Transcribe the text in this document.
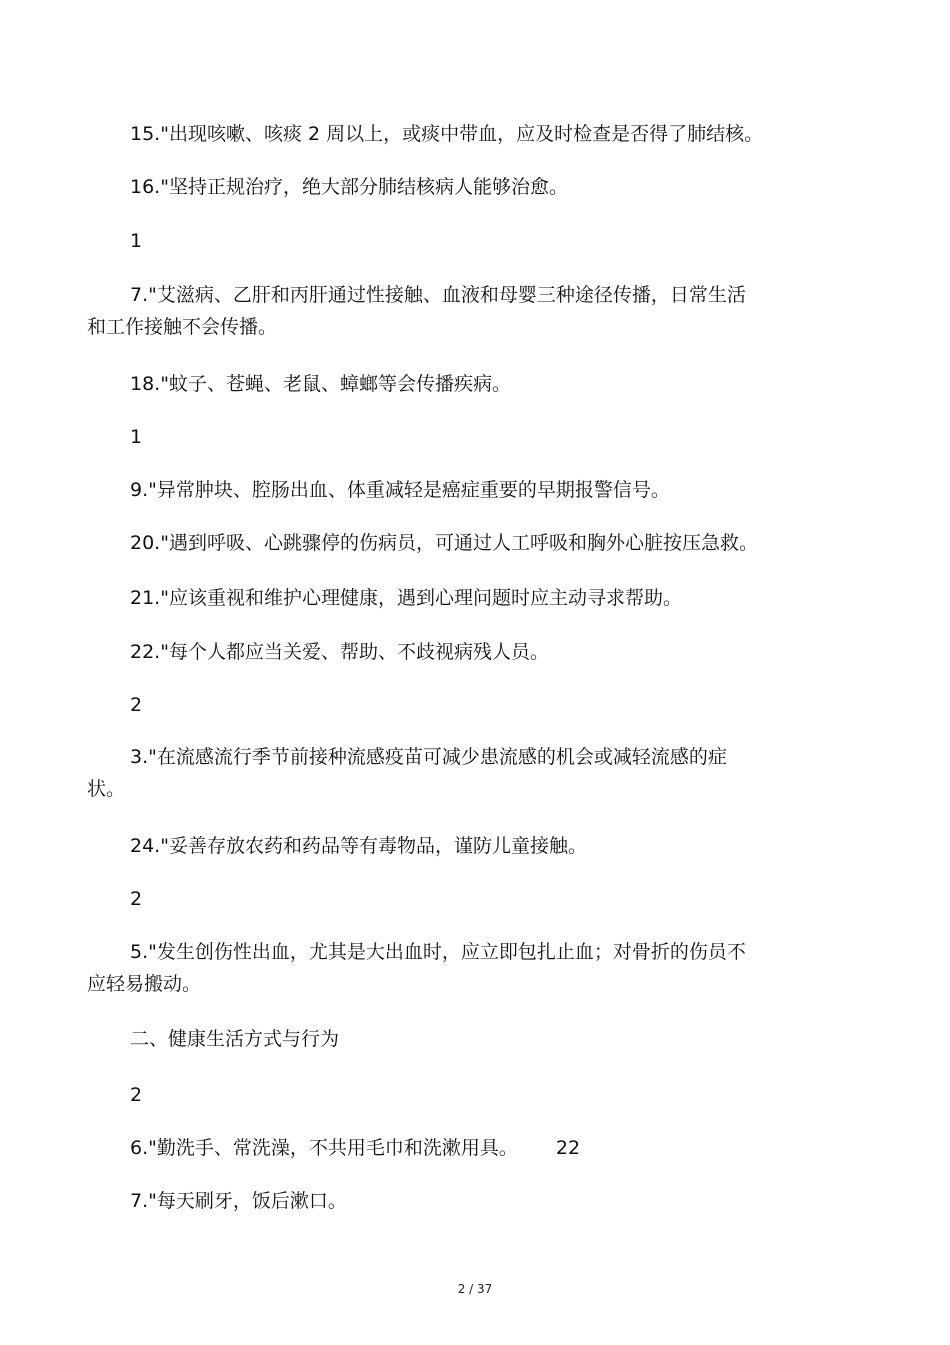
15."出现咳嗽、咳痰 2 周以上，或痰中带血，应及时检查是否得了肺结核。
16."坚持正规治疗，绝大部分肺结核病人能够治愈。
1
7."艾滋病、乙肝和丙肝通过性接触、血液和母婴三种途径传播，日常生活
和工作接触不会传播。
18."蚊子、苍蝇、老鼠、蟑螂等会传播疾病。
1
9."异常肿块、腔肠出血、体重减轻是癌症重要的早期报警信号。
20."遇到呼吸、心跳骤停的伤病员，可通过人工呼吸和胸外心脏按压急救。
21."应该重视和维护心理健康，遇到心理问题时应主动寻求帮助。
22."每个人都应当关爱、帮助、不歧视病残人员。
2
3."在流感流行季节前接种流感疫苗可减少患流感的机会或减轻流感的症
状。
24."妥善存放农药和药品等有毒物品，谨防儿童接触。
2
5."发生创伤性出血，尤其是大出血时，应立即包扎止血；对骨折的伤员不
应轻易搬动。
二、健康生活方式与行为
2
6."勤洗手、常洗澡，不共用毛巾和洗漱用具。 22
7."每天刷牙，饭后漱口。
2 / 37
